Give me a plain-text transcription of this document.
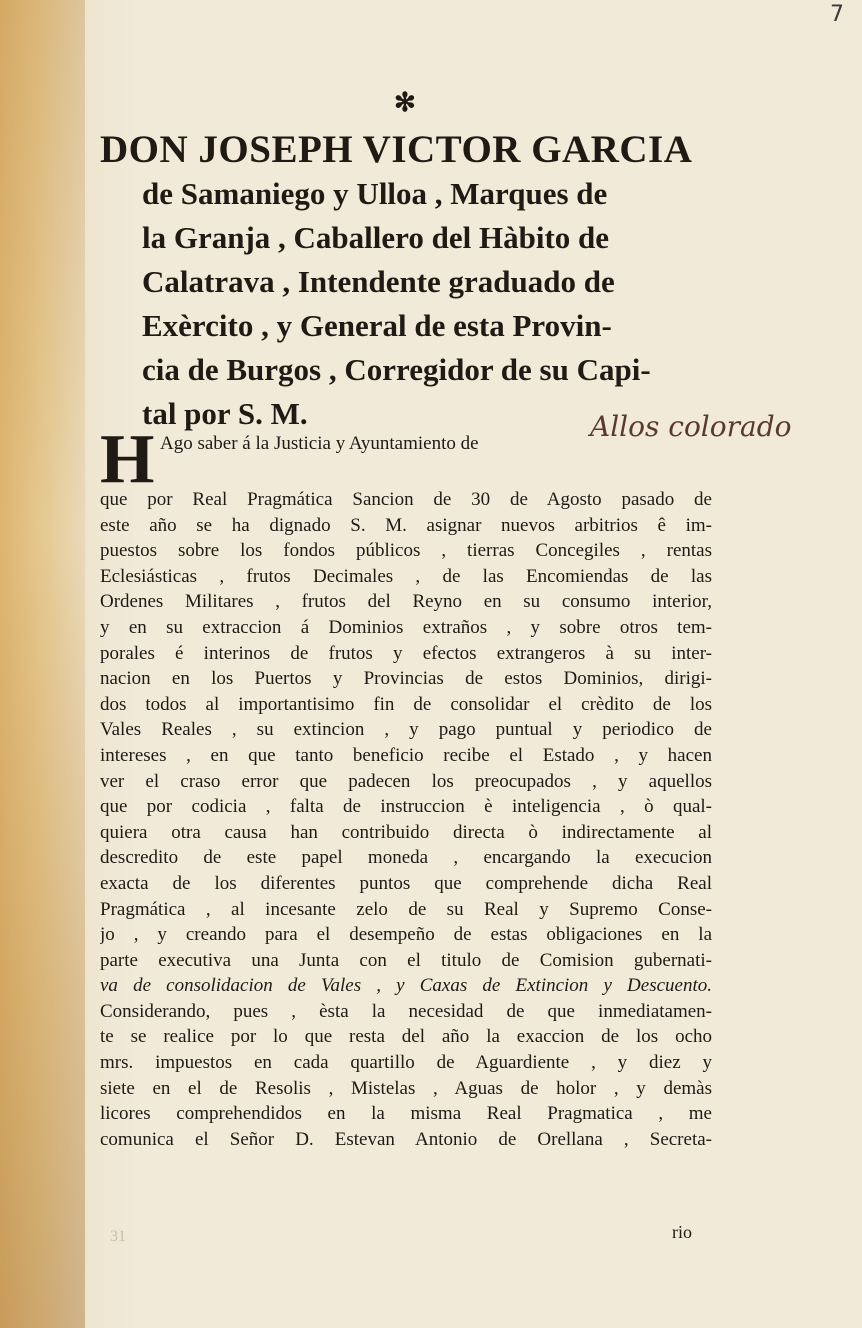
7
✻
DON JOSEPH VICTOR GARCIA
de Samaniego y Ulloa , Marques de
la Granja , Caballero del Hàbito de
Calatrava , Intendente graduado de
Exèrcito , y General de esta Provin-
cia de Burgos , Corregidor de su Capi-
tal por S. M.
H Ago saber á la Justicia y Ayuntamiento de
Allos colorado
que por Real Pragmática Sancion de 30 de Agosto pasado de
este año se ha dignado S. M. asignar nuevos arbitrios ê im-
puestos sobre los fondos públicos , tierras Concegiles , rentas
Eclesiásticas , frutos Decimales , de las Encomiendas de las
Ordenes Militares , frutos del Reyno en su consumo interior,
y en su extraccion á Dominios extraños , y sobre otros tem-
porales é interinos de frutos y efectos extrangeros à su inter-
nacion en los Puertos y Provincias de estos Dominios, dirigi-
dos todos al importantisimo fin de consolidar el crèdito de los
Vales Reales , su extincion , y pago puntual y periodico de
intereses , en que tanto beneficio recibe el Estado , y hacen
ver el craso error que padecen los preocupados , y aquellos
que por codicia , falta de instruccion è inteligencia , ò qual-
quiera otra causa han contribuido directa ò indirectamente al
descredito de este papel moneda , encargando la execucion
exacta de los diferentes puntos que comprehende dicha Real
Pragmática , al incesante zelo de su Real y Supremo Conse-
jo , y creando para el desempeño de estas obligaciones en la
parte executiva una Junta con el titulo de Comision gubernati-
va de consolidacion de Vales , y Caxas de Extincion y Descuento.
Considerando, pues , èsta la necesidad de que inmediatamen-
te se realice por lo que resta del año la exaccion de los ocho
mrs. impuestos en cada quartillo de Aguardiente , y diez y
siete en el de Resolis , Mistelas , Aguas de holor , y demàs
licores comprehendidos en la misma Real Pragmatica , me
comunica el Señor D. Estevan Antonio de Orellana , Secreta-
31	rio
